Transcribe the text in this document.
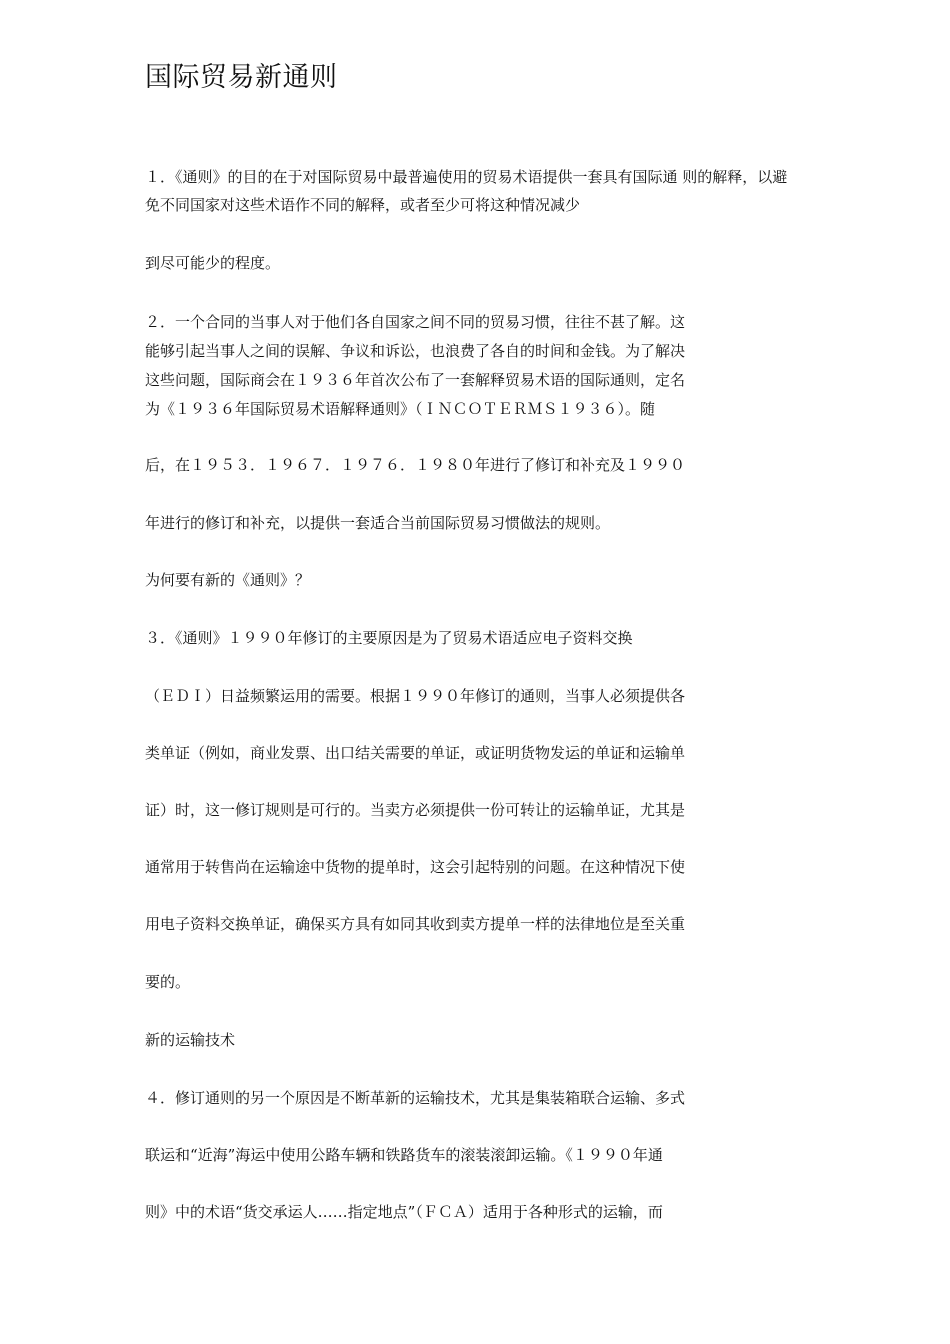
国际贸易新通则
１．《通则》的目的在于对国际贸易中最普遍使用的贸易术语提供一套具有国际通 则的解释，以避
免不同国家对这些术语作不同的解释，或者至少可将这种情况减少
到尽可能少的程度。
２．一个合同的当事人对于他们各自国家之间不同的贸易习惯，往往不甚了解。这
能够引起当事人之间的误解、争议和诉讼，也浪费了各自的时间和金钱。为了解决
这些问题，国际商会在１９３６年首次公布了一套解释贸易术语的国际通则，定名
为《１９３６年国际贸易术语解释通则》（ＩＮＣＯＴＥＲＭＳ１９３６）。随
后，在１９５３．１９６７．１９７６．１９８０年进行了修订和补充及１９９０
年进行的修订和补充，以提供一套适合当前国际贸易习惯做法的规则。
为何要有新的《通则》？
３．《通则》１９９０年修订的主要原因是为了贸易术语适应电子资料交换
（ＥＤＩ）日益频繁运用的需要。根据１９９０年修订的通则，当事人必须提供各
类单证（例如，商业发票、出口结关需要的单证，或证明货物发运的单证和运输单
证）时，这一修订规则是可行的。当卖方必须提供一份可转让的运输单证，尤其是
通常用于转售尚在运输途中货物的提单时，这会引起特别的问题。在这种情况下使
用电子资料交换单证，确保买方具有如同其收到卖方提单一样的法律地位是至关重
要的。
新的运输技术
４．修订通则的另一个原因是不断革新的运输技术，尤其是集装箱联合运输、多式
联运和“近海”海运中使用公路车辆和铁路货车的滚装滚卸运输。《１９９０年通
则》中的术语“货交承运人……指定地点”（ＦＣＡ）适用于各种形式的运输，而
